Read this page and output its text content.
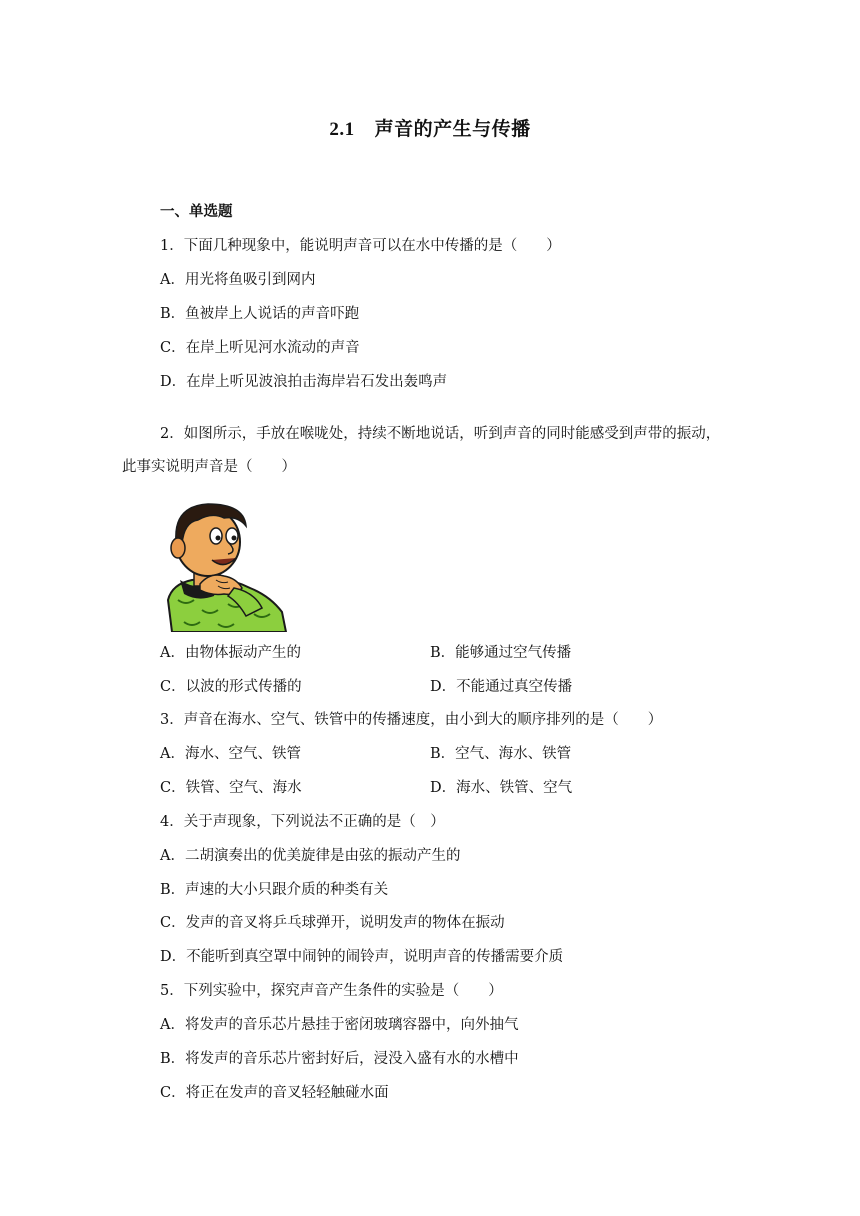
2.1 声音的产生与传播
一、单选题
1．下面几种现象中，能说明声音可以在水中传播的是（　　）
A．用光将鱼吸引到网内
B．鱼被岸上人说话的声音吓跑
C．在岸上听见河水流动的声音
D．在岸上听见波浪拍击海岸岩石发出轰鸣声
2．如图所示，手放在喉咙处，持续不断地说话，听到声音的同时能感受到声带的振动，
此事实说明声音是（　　）
A．由物体振动产生的	B．能够通过空气传播
C．以波的形式传播的	D．不能通过真空传播
3．声音在海水、空气、铁管中的传播速度，由小到大的顺序排列的是（　　）
A．海水、空气、铁管	B．空气、海水、铁管
C．铁管、空气、海水	D．海水、铁管、空气
4．关于声现象，下列说法不正确的是（　）
A．二胡演奏出的优美旋律是由弦的振动产生的
B．声速的大小只跟介质的种类有关
C．发声的音叉将乒乓球弹开，说明发声的物体在振动
D．不能听到真空罩中闹钟的闹铃声，说明声音的传播需要介质
5．下列实验中，探究声音产生条件的实验是（　　）
A．将发声的音乐芯片悬挂于密闭玻璃容器中，向外抽气
B．将发声的音乐芯片密封好后，浸没入盛有水的水槽中
C．将正在发声的音叉轻轻触碰水面
